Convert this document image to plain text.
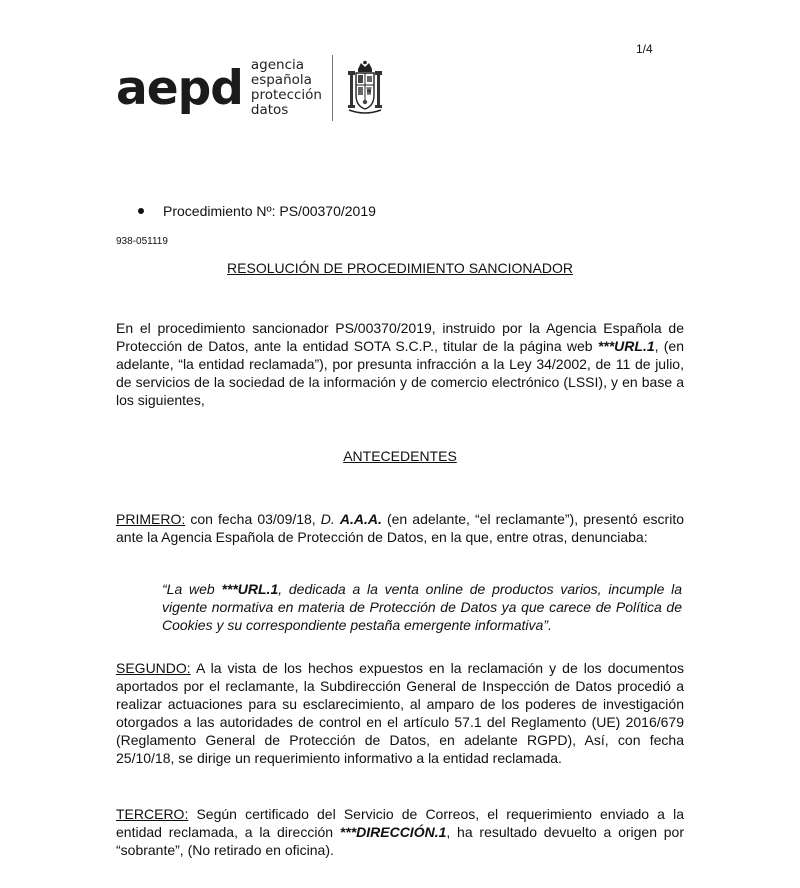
1/4
aepd agencia
española
protección
datos
Procedimiento Nº: PS/00370/2019
938-051119
RESOLUCIÓN DE PROCEDIMIENTO SANCIONADOR

En el procedimiento sancionador PS/00370/2019, instruido por la Agencia Española de Protección de Datos, ante la entidad SOTA S.C.P., titular de la página web ***URL.1, (en adelante, “la entidad reclamada”), por presunta infracción a la Ley 34/2002, de 11 de julio, de servicios de la sociedad de la información y de comercio electrónico (LSSI), y en base a los siguientes,

ANTECEDENTES

PRIMERO: con fecha 03/09/18, D. A.A.A. (en adelante, “el reclamante”), presentó escrito ante la Agencia Española de Protección de Datos, en la que, entre otras, denunciaba:

“La web ***URL.1, dedicada a la venta online de productos varios, incumple la vigente normativa en materia de Protección de Datos ya que carece de Política de Cookies y su correspondiente pestaña emergente informativa”.

SEGUNDO: A la vista de los hechos expuestos en la reclamación y de los documentos aportados por el reclamante, la Subdirección General de Inspección de Datos procedió a realizar actuaciones para su esclarecimiento, al amparo de los poderes de investigación otorgados a las autoridades de control en el artículo 57.1 del Reglamento (UE) 2016/679 (Reglamento General de Protección de Datos, en adelante RGPD), Así, con fecha 25/10/18, se dirige un requerimiento informativo a la entidad reclamada.

TERCERO: Según certificado del Servicio de Correos, el requerimiento enviado a la entidad reclamada, a la dirección ***DIRECCIÓN.1, ha resultado devuelto a origen por “sobrante”, (No retirado en oficina).
